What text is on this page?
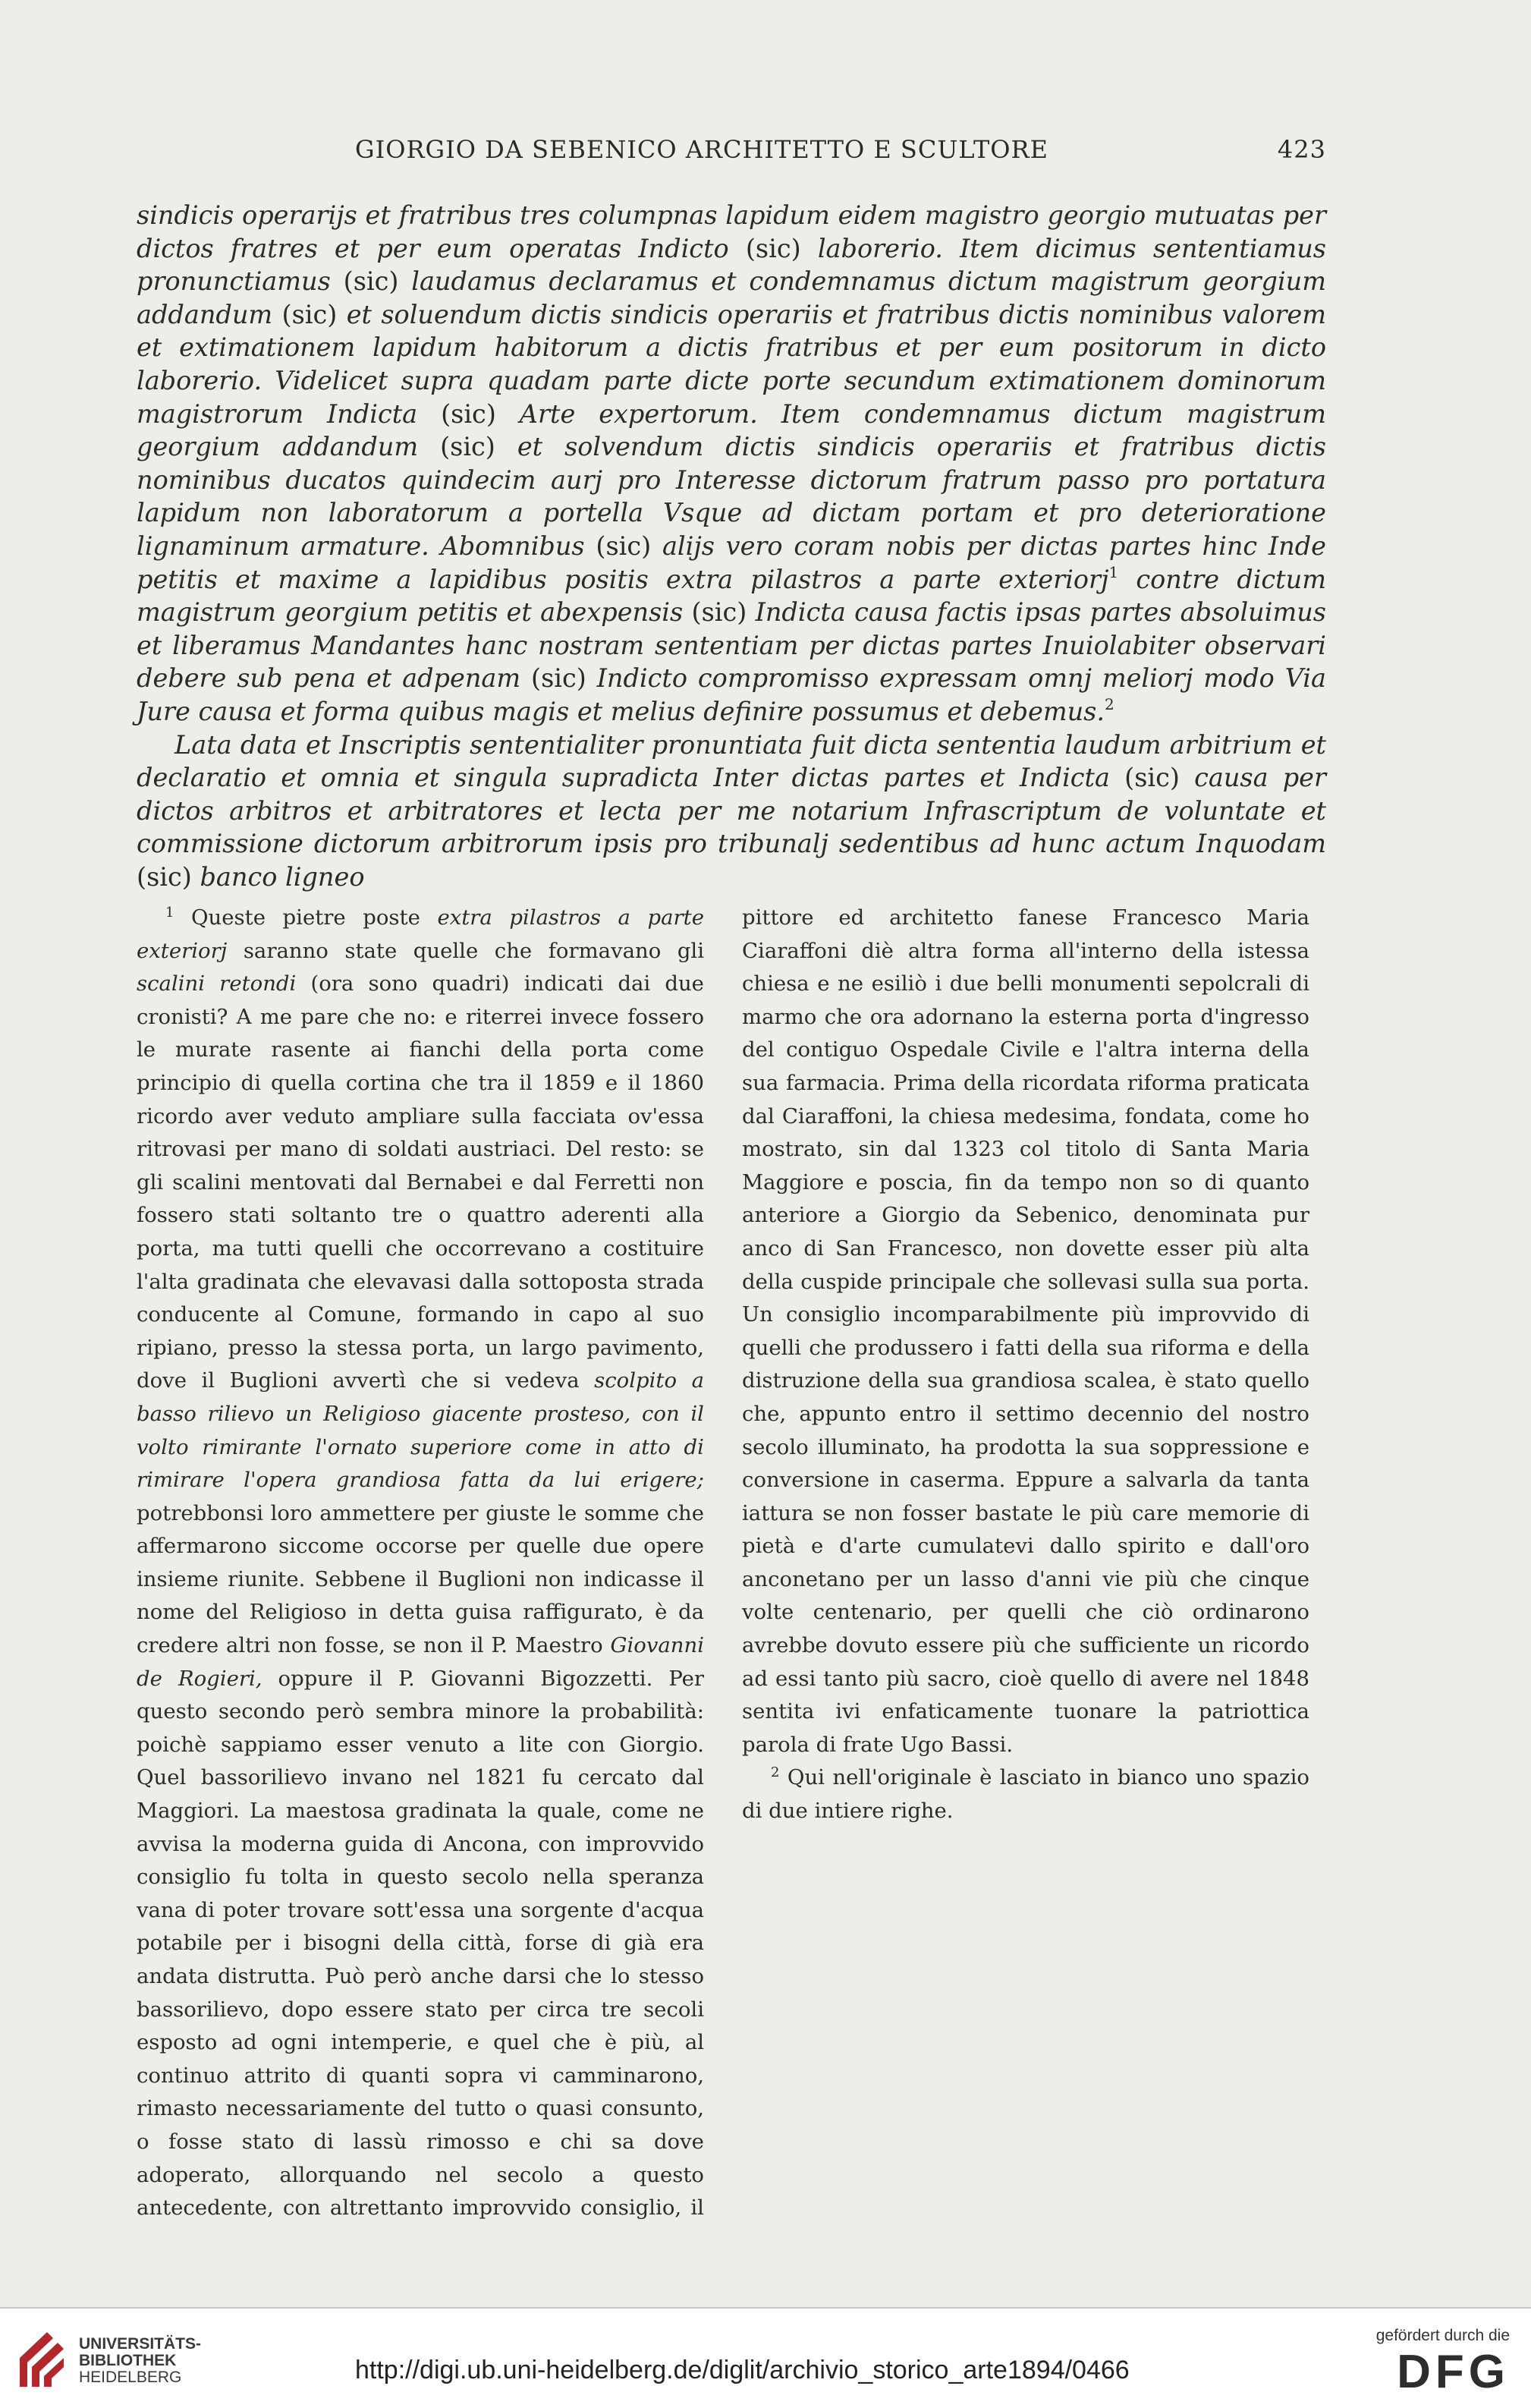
GIORGIO DA SEBENICO ARCHITETTO E SCULTORE	423

sindicis operarijs et fratribus tres columpnas lapidum eidem magistro georgio mutuatas per dictos fratres et per eum operatas Indicto (sic) laborerio. Item dicimus sententiamus pronunctiamus (sic) laudamus declaramus et condemnamus dictum magistrum georgium addandum (sic) et soluendum dictis sindicis operariis et fratribus dictis nominibus valorem et extimationem lapidum habitorum a dictis fratribus et per eum positorum in dicto laborerio. Videlicet supra quadam parte dicte porte secundum extimationem dominorum magistrorum Indicta (sic) Arte expertorum. Item condemnamus dictum magistrum georgium addandum (sic) et solvendum dictis sindicis operariis et fratribus dictis nominibus ducatos quindecim aurj pro Interesse dictorum fratrum passo pro portatura lapidum non laboratorum a portella Vsque ad dictam portam et pro deterioratione lignaminum armature. Abomnibus (sic) alijs vero coram nobis per dictas partes hinc Inde petitis et maxime a lapidibus positis extra pilastros a parte exteriorj$^1$ contre dictum magistrum georgium petitis et abexpensis (sic) Indicta causa factis ipsas partes absoluimus et liberamus Mandantes hanc nostram sententiam per dictas partes Inuiolabiter observari debere sub pena et adpenam (sic) Indicto compromisso expressam omnj meliorj modo Via Jure causa et forma quibus magis et melius definire possumus et debemus.$^2$

Lata data et Inscriptis sententialiter pronuntiata fuit dicta sententia laudum arbitrium et declaratio et omnia et singula supradicta Inter dictas partes et Indicta (sic) causa per dictos arbitros et arbitratores et lecta per me notarium Infrascriptum de voluntate et commissione dictorum arbitrorum ipsis pro tribunalj sedentibus ad hunc actum Inquodam (sic) banco ligneo

$^1$ Queste pietre poste extra pilastros a parte exteriorj saranno state quelle che formavano gli scalini retondi (ora sono quadri) indicati dai due cronisti? A me pare che no: e riterrei invece fossero le murate rasente ai fianchi della porta come principio di quella cortina che tra il 1859 e il 1860 ricordo aver veduto ampliare sulla facciata ov'essa ritrovasi per mano di soldati austriaci. Del resto: se gli scalini mentovati dal Bernabei e dal Ferretti non fossero stati soltanto tre o quattro aderenti alla porta, ma tutti quelli che occorrevano a costituire l'alta gradinata che elevavasi dalla sottoposta strada conducente al Comune, formando in capo al suo ripiano, presso la stessa porta, un largo pavimento, dove il Buglioni avvertì che si vedeva scolpito a basso rilievo un Religioso giacente prosteso, con il volto rimirante l'ornato superiore come in atto di rimirare l'opera grandiosa fatta da lui erigere; potrebbonsi loro ammettere per giuste le somme che affermarono siccome occorse per quelle due opere insieme riunite. Sebbene il Buglioni non indicasse il nome del Religioso in detta guisa raffigurato, è da credere altri non fosse, se non il P. Maestro Giovanni de Rogieri, oppure il P. Giovanni Bigozzetti. Per questo secondo però sembra minore la probabilità: poichè sappiamo esser venuto a lite con Giorgio. Quel bassorilievo invano nel 1821 fu cercato dal Maggiori. La maestosa gradinata la quale, come ne avvisa la moderna guida di Ancona, con improvvido consiglio fu tolta in questo secolo nella speranza vana di poter trovare sott'essa una sorgente d'acqua potabile per i bisogni della città, forse di già era andata distrutta. Può però anche darsi che lo stesso bassorilievo, dopo essere stato per circa tre secoli esposto ad ogni intemperie, e quel che è più, al continuo attrito di quanti sopra vi camminarono, rimasto necessariamente del tutto o quasi consunto, o fosse stato di lassù rimosso e chi sa dove adoperato, allorquando nel secolo a questo antecedente, con altrettanto improvvido consiglio, il

pittore ed architetto fanese Francesco Maria Ciaraffoni diè altra forma all'interno della istessa chiesa e ne esiliò i due belli monumenti sepolcrali di marmo che ora adornano la esterna porta d'ingresso del contiguo Ospedale Civile e l'altra interna della sua farmacia. Prima della ricordata riforma praticata dal Ciaraffoni, la chiesa medesima, fondata, come ho mostrato, sin dal 1323 col titolo di Santa Maria Maggiore e poscia, fin da tempo non so di quanto anteriore a Giorgio da Sebenico, denominata pur anco di San Francesco, non dovette esser più alta della cuspide principale che sollevasi sulla sua porta. Un consiglio incomparabilmente più improvvido di quelli che produssero i fatti della sua riforma e della distruzione della sua grandiosa scalea, è stato quello che, appunto entro il settimo decennio del nostro secolo illuminato, ha prodotta la sua soppressione e conversione in caserma. Eppure a salvarla da tanta iattura se non fosser bastate le più care memorie di pietà e d'arte cumulatevi dallo spirito e dall'oro anconetano per un lasso d'anni vie più che cinque volte centenario, per quelli che ciò ordinarono avrebbe dovuto essere più che sufficiente un ricordo ad essi tanto più sacro, cioè quello di avere nel 1848 sentita ivi enfaticamente tuonare la patriottica parola di frate Ugo Bassi.

$^2$ Qui nell'originale è lasciato in bianco uno spazio di due intiere righe.

UNIVERSITÄTS-
BIBLIOTHEK
HEIDELBERG	http://digi.ub.uni-heidelberg.de/diglit/archivio_storico_arte1894/0466
gefördert durch die
DFG
